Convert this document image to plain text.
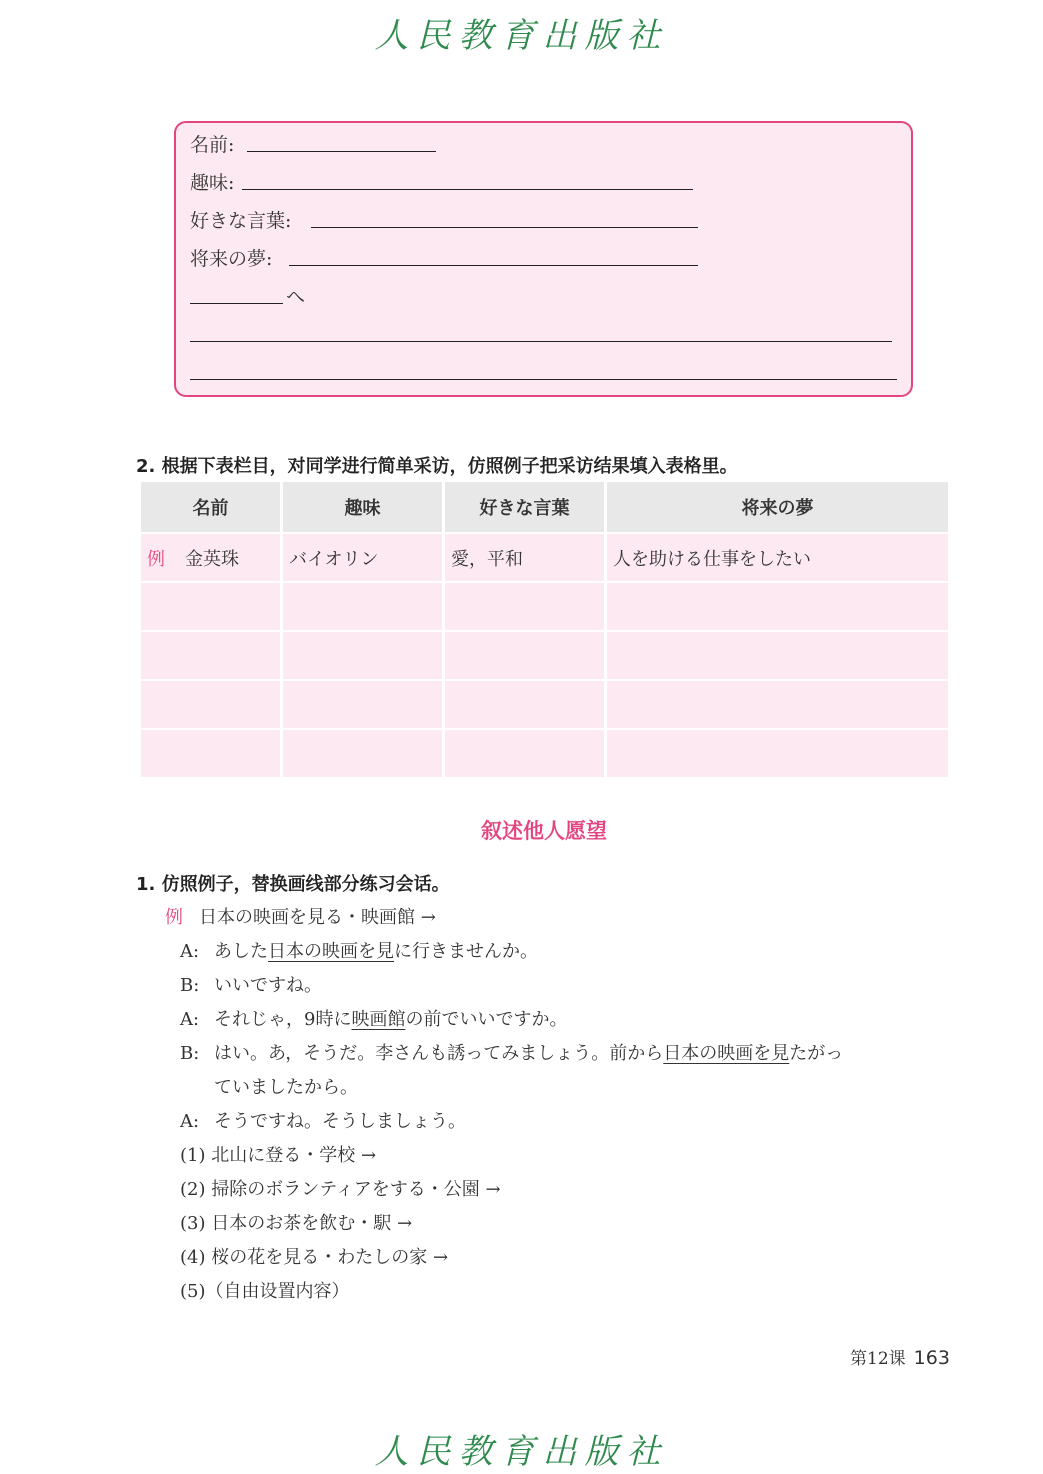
人民教育出版社
名前:
趣味:
好きな言葉:
将来の夢:
へ
2. 根据下表栏目，对同学进行简单采访，仿照例子把采访结果填入表格里。
名前	趣味	好きな言葉	将来の夢
例 金英珠	バイオリン	愛，平和	人を助ける仕事をしたい

叙述他人愿望
1. 仿照例子，替换画线部分练习会话。
例 日本の映画を見る・映画館 →
A: あした日本の映画を見に行きませんか。
B: いいですね。
A: それじゃ，9時に映画館の前でいいですか。
B: はい。あ，そうだ。李さんも誘ってみましょう。前から日本の映画を見たがっ
ていましたから。
A: そうですね。そうしましょう。
(1) 北山に登る・学校 →
(2) 掃除のボランティアをする・公園 →
(3) 日本のお茶を飲む・駅 →
(4) 桜の花を見る・わたしの家 →
(5)（自由设置内容）
第12课 163
人民教育出版社
